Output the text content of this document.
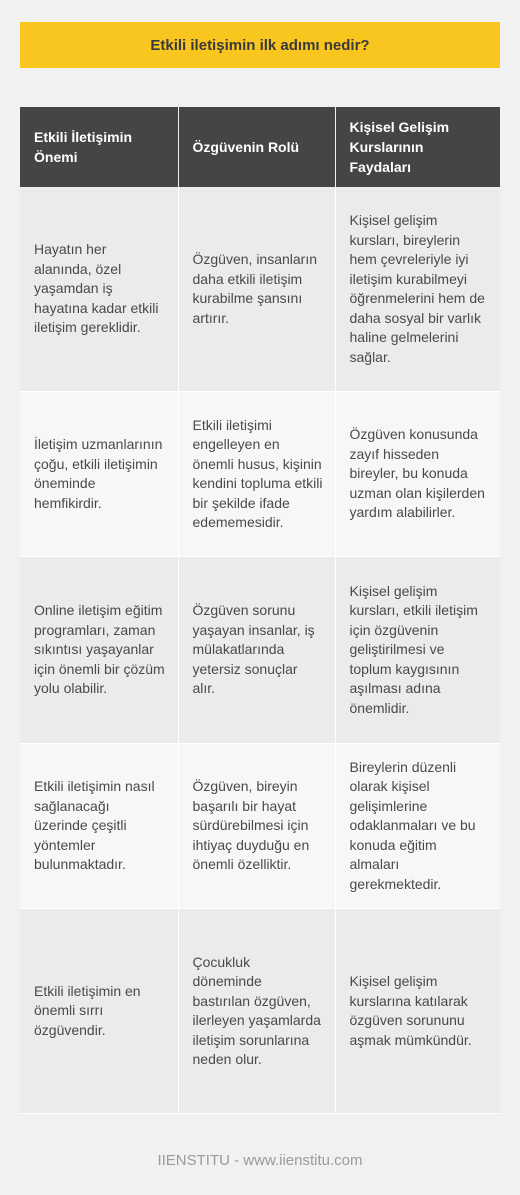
Etkili iletişimin ilk adımı nedir?
Etkili İletişimin Önemi	Özgüvenin Rolü	Kişisel Gelişim Kurslarının Faydaları
Hayatın her alanında, özel yaşamdan iş hayatına kadar etkili iletişim gereklidir.	Özgüven, insanların daha etkili iletişim kurabilme şansını artırır.	Kişisel gelişim kursları, bireylerin hem çevreleriyle iyi iletişim kurabilmeyi öğrenmelerini hem de daha sosyal bir varlık haline gelmelerini sağlar.
İletişim uzmanlarının çoğu, etkili iletişimin öneminde hemfikirdir.	Etkili iletişimi engelleyen en önemli husus, kişinin kendini topluma etkili bir şekilde ifade edememesidir.	Özgüven konusunda zayıf hisseden bireyler, bu konuda uzman olan kişilerden yardım alabilirler.
Online iletişim eğitim programları, zaman sıkıntısı yaşayanlar için önemli bir çözüm yolu olabilir.	Özgüven sorunu yaşayan insanlar, iş mülakatlarında yetersiz sonuçlar alır.	Kişisel gelişim kursları, etkili iletişim için özgüvenin geliştirilmesi ve toplum kaygısının aşılması adına önemlidir.
Etkili iletişimin nasıl sağlanacağı üzerinde çeşitli yöntemler bulunmaktadır.	Özgüven, bireyin başarılı bir hayat sürdürebilmesi için ihtiyaç duyduğu en önemli özelliktir.	Bireylerin düzenli olarak kişisel gelişimlerine odaklanmaları ve bu konuda eğitim almaları gerekmektedir.
Etkili iletişimin en önemli sırrı özgüvendir.	Çocukluk döneminde bastırılan özgüven, ilerleyen yaşamlarda iletişim sorunlarına neden olur.	Kişisel gelişim kurslarına katılarak özgüven sorununu aşmak mümkündür.
IIENSTITU - www.iienstitu.com
